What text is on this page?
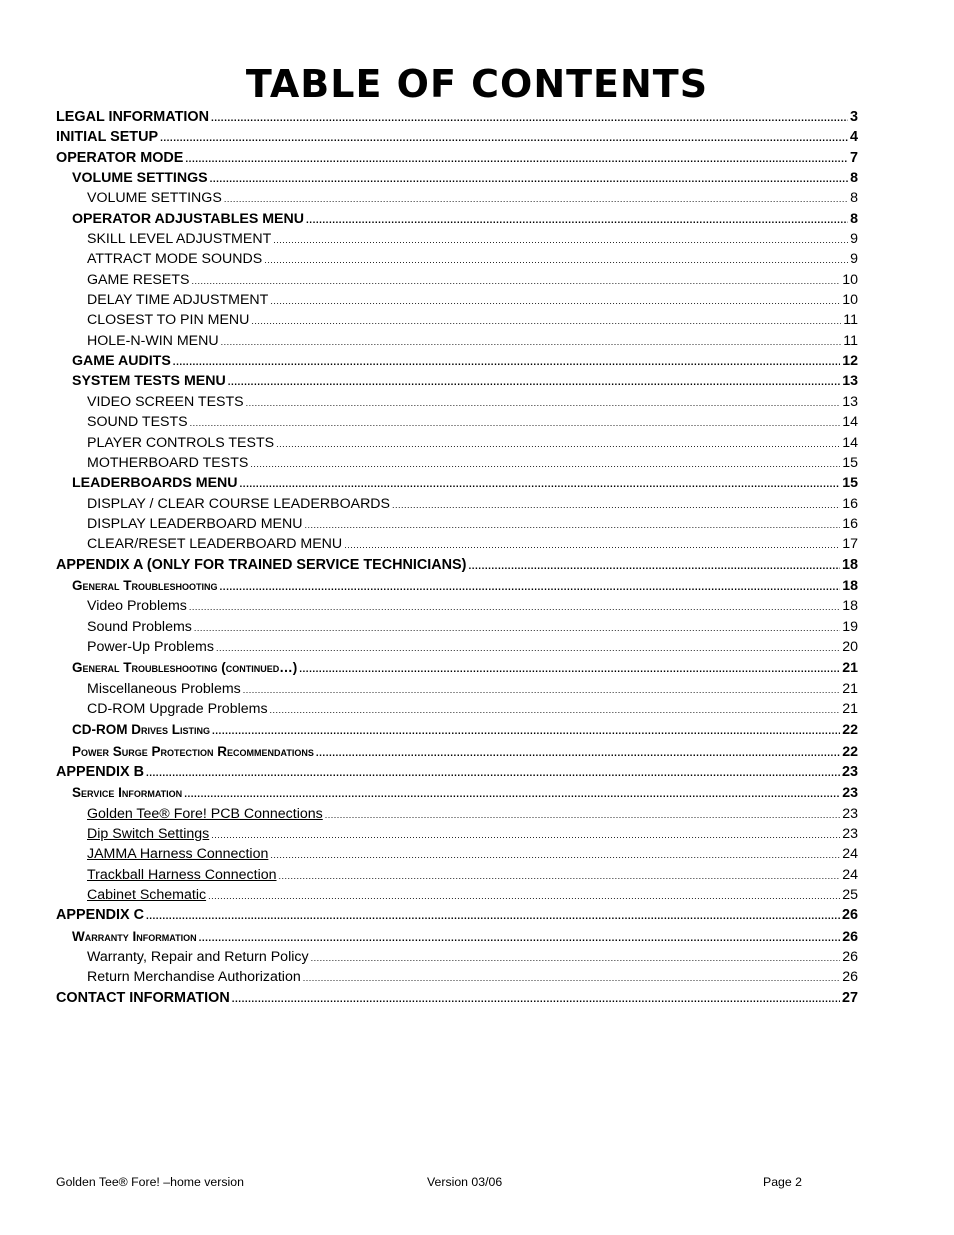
TABLE OF CONTENTS
LEGAL INFORMATION .....	3
INITIAL SETUP .....	4
OPERATOR MODE .....	7
VOLUME SETTINGS .....	8
VOLUME SETTINGS .....	8
OPERATOR ADJUSTABLES MENU .....	8
SKILL LEVEL ADJUSTMENT .....	9
ATTRACT MODE SOUNDS .....	9
GAME RESETS .....	10
DELAY TIME ADJUSTMENT .....	10
CLOSEST TO PIN MENU .....	11
HOLE-N-WIN MENU .....	11
GAME AUDITS .....	12
SYSTEM TESTS MENU .....	13
VIDEO SCREEN TESTS .....	13
SOUND TESTS .....	14
PLAYER CONTROLS TESTS .....	14
MOTHERBOARD TESTS .....	15
LEADERBOARDS MENU .....	15
DISPLAY / CLEAR COURSE LEADERBOARDS .....	16
DISPLAY LEADERBOARD MENU .....	16
CLEAR/RESET LEADERBOARD MENU .....	17
APPENDIX A (ONLY FOR TRAINED SERVICE TECHNICIANS) .....	18
General Troubleshooting .....	18
Video Problems .....	18
Sound Problems .....	19
Power-Up Problems .....	20
General Troubleshooting (continued…) .....	21
Miscellaneous Problems .....	21
CD-ROM Upgrade Problems .....	21
CD-ROM Drives Listing .....	22
Power Surge Protection Recommendations .....	22
APPENDIX B .....	23
Service Information .....	23
Golden Tee® Fore! PCB Connections .....	23
Dip Switch Settings .....	23
JAMMA Harness Connection .....	24
Trackball Harness Connection .....	24
Cabinet Schematic .....	25
APPENDIX C .....	26
Warranty Information .....	26
Warranty, Repair and Return Policy .....	26
Return Merchandise Authorization .....	26
CONTACT INFORMATION .....	27
Golden Tee® Fore! –home version	Version 03/06	Page 2
